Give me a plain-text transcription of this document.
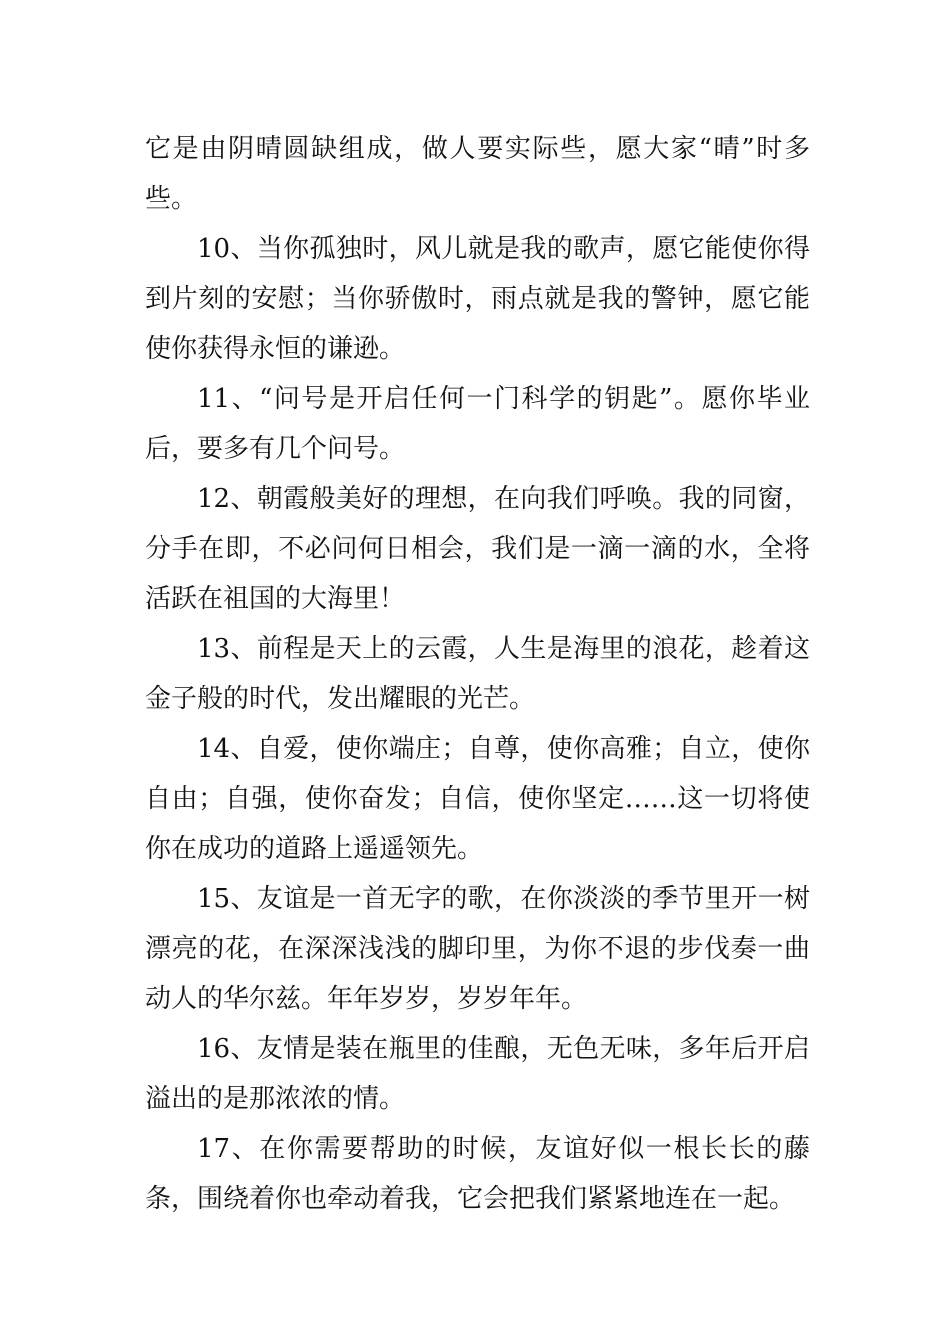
它是由阴晴圆缺组成，做人要实际些，愿大家“晴”时多些。

10、当你孤独时，风儿就是我的歌声，愿它能使你得到片刻的安慰；当你骄傲时，雨点就是我的警钟，愿它能使你获得永恒的谦逊。

11、“问号是开启任何一门科学的钥匙”。愿你毕业后，要多有几个问号。

12、朝霞般美好的理想，在向我们呼唤。我的同窗，分手在即，不必问何日相会，我们是一滴一滴的水，全将活跃在祖国的大海里！

13、前程是天上的云霞，人生是海里的浪花，趁着这金子般的时代，发出耀眼的光芒。

14、自爱，使你端庄；自尊，使你高雅；自立，使你自由；自强，使你奋发；自信，使你坚定……这一切将使你在成功的道路上遥遥领先。

15、友谊是一首无字的歌，在你淡淡的季节里开一树漂亮的花，在深深浅浅的脚印里，为你不退的步伐奏一曲动人的华尔兹。年年岁岁，岁岁年年。

16、友情是装在瓶里的佳酿，无色无味，多年后开启溢出的是那浓浓的情。

17、在你需要帮助的时候，友谊好似一根长长的藤条，围绕着你也牵动着我，它会把我们紧紧地连在一起。
